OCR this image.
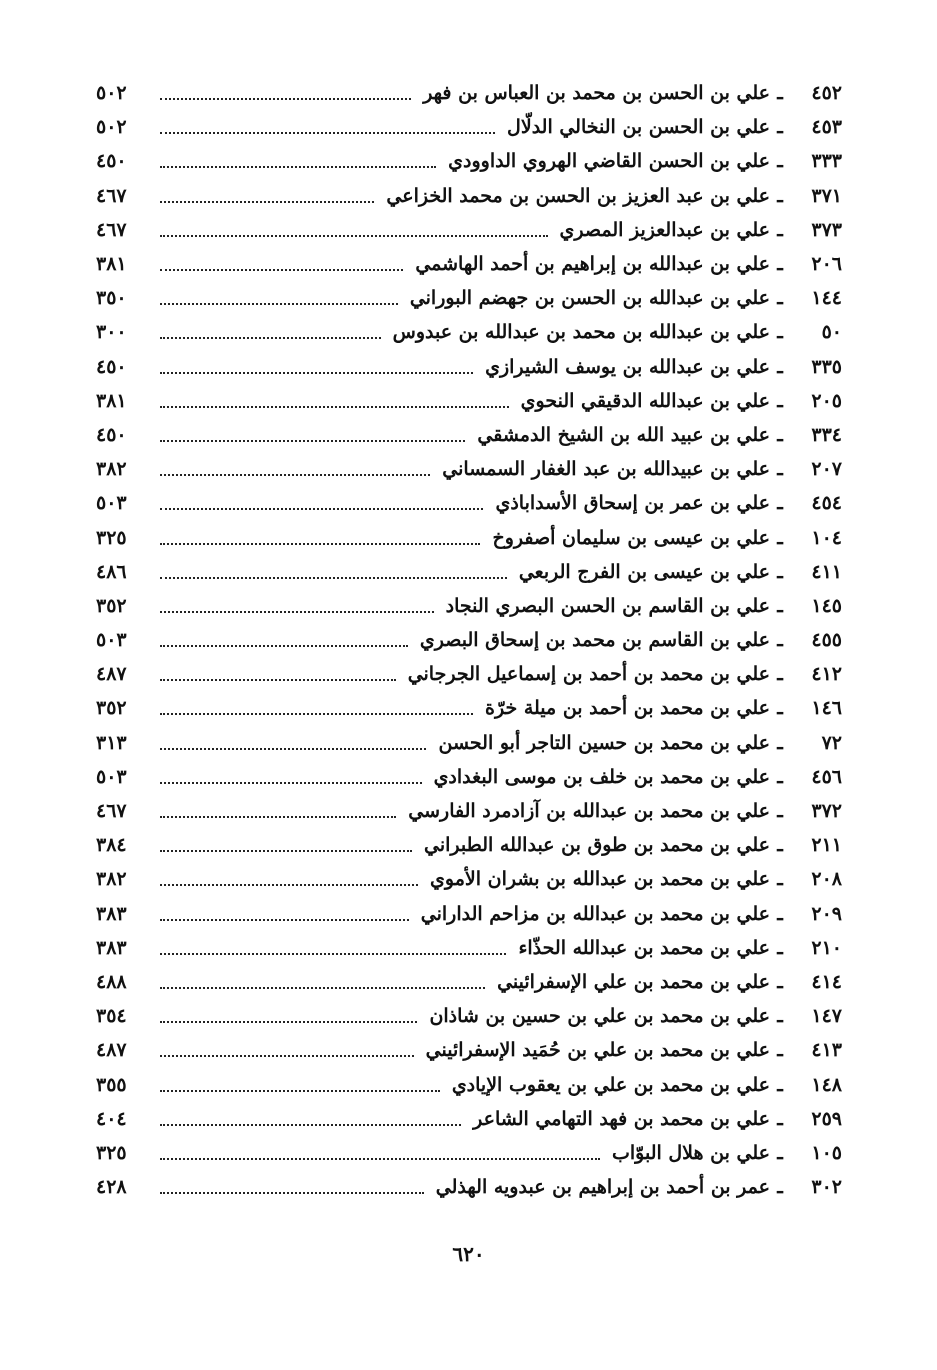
٤٥٢
ـ
علي بن الحسن بن محمد بن العباس بن فهر
٥٠٢
٤٥٣
ـ
علي بن الحسن بن النخالي الدلّال
٥٠٢
٣٣٣
ـ
علي بن الحسن القاضي الهروي الداوودي
٤٥٠
٣٧١
ـ
علي بن عبد العزيز بن الحسن بن محمد الخزاعي
٤٦٧
٣٧٣
ـ
علي بن عبدالعزيز المصري
٤٦٧
٢٠٦
ـ
علي بن عبدالله بن إبراهيم بن أحمد الهاشمي
٣٨١
١٤٤
ـ
علي بن عبدالله بن الحسن بن جهضم البوراني
٣٥٠
٥٠
ـ
علي بن عبدالله بن محمد بن عبدالله بن عبدوس
٣٠٠
٣٣٥
ـ
علي بن عبدالله بن يوسف الشيرازي
٤٥٠
٢٠٥
ـ
علي بن عبدالله الدقيقي النحوي
٣٨١
٣٣٤
ـ
علي بن عبيد الله بن الشيخ الدمشقي
٤٥٠
٢٠٧
ـ
علي بن عبيدالله بن عبد الغفار السمساني
٣٨٢
٤٥٤
ـ
علي بن عمر بن إسحاق الأسداباذي
٥٠٣
١٠٤
ـ
علي بن عيسى بن سليمان أصفروخ
٣٢٥
٤١١
ـ
علي بن عيسى بن الفرج الربعي
٤٨٦
١٤٥
ـ
علي بن القاسم بن الحسن البصري النجاد
٣٥٢
٤٥٥
ـ
علي بن القاسم بن محمد بن إسحاق البصري
٥٠٣
٤١٢
ـ
علي بن محمد بن أحمد بن إسماعيل الجرجاني
٤٨٧
١٤٦
ـ
علي بن محمد بن أحمد بن ميلة خرّة
٣٥٢
٧٢
ـ
علي بن محمد بن حسين التاجر أبو الحسن
٣١٣
٤٥٦
ـ
علي بن محمد بن خلف بن موسى البغدادي
٥٠٣
٣٧٢
ـ
علي بن محمد بن عبدالله بن آزادمرد الفارسي
٤٦٧
٢١١
ـ
علي بن محمد بن طوق بن عبدالله الطبراني
٣٨٤
٢٠٨
ـ
علي بن محمد بن عبدالله بن بشران الأموي
٣٨٢
٢٠٩
ـ
علي بن محمد بن عبدالله بن مزاحم الداراني
٣٨٣
٢١٠
ـ
علي بن محمد بن عبدالله الحذّاء
٣٨٣
٤١٤
ـ
علي بن محمد بن علي الإسفرائيني
٤٨٨
١٤٧
ـ
علي بن محمد بن علي بن حسين بن شاذان
٣٥٤
٤١٣
ـ
علي بن محمد بن علي بن حُمَيد الإسفرائيني
٤٨٧
١٤٨
ـ
علي بن محمد بن علي بن يعقوب الإيادي
٣٥٥
٢٥٩
ـ
علي بن محمد بن فهد التهامي الشاعر
٤٠٤
١٠٥
ـ
علي بن هلال البوّاب
٣٢٥
٣٠٢
ـ
عمر بن أحمد بن إبراهيم بن عبدويه الهذلي
٤٢٨
٦٢٠
